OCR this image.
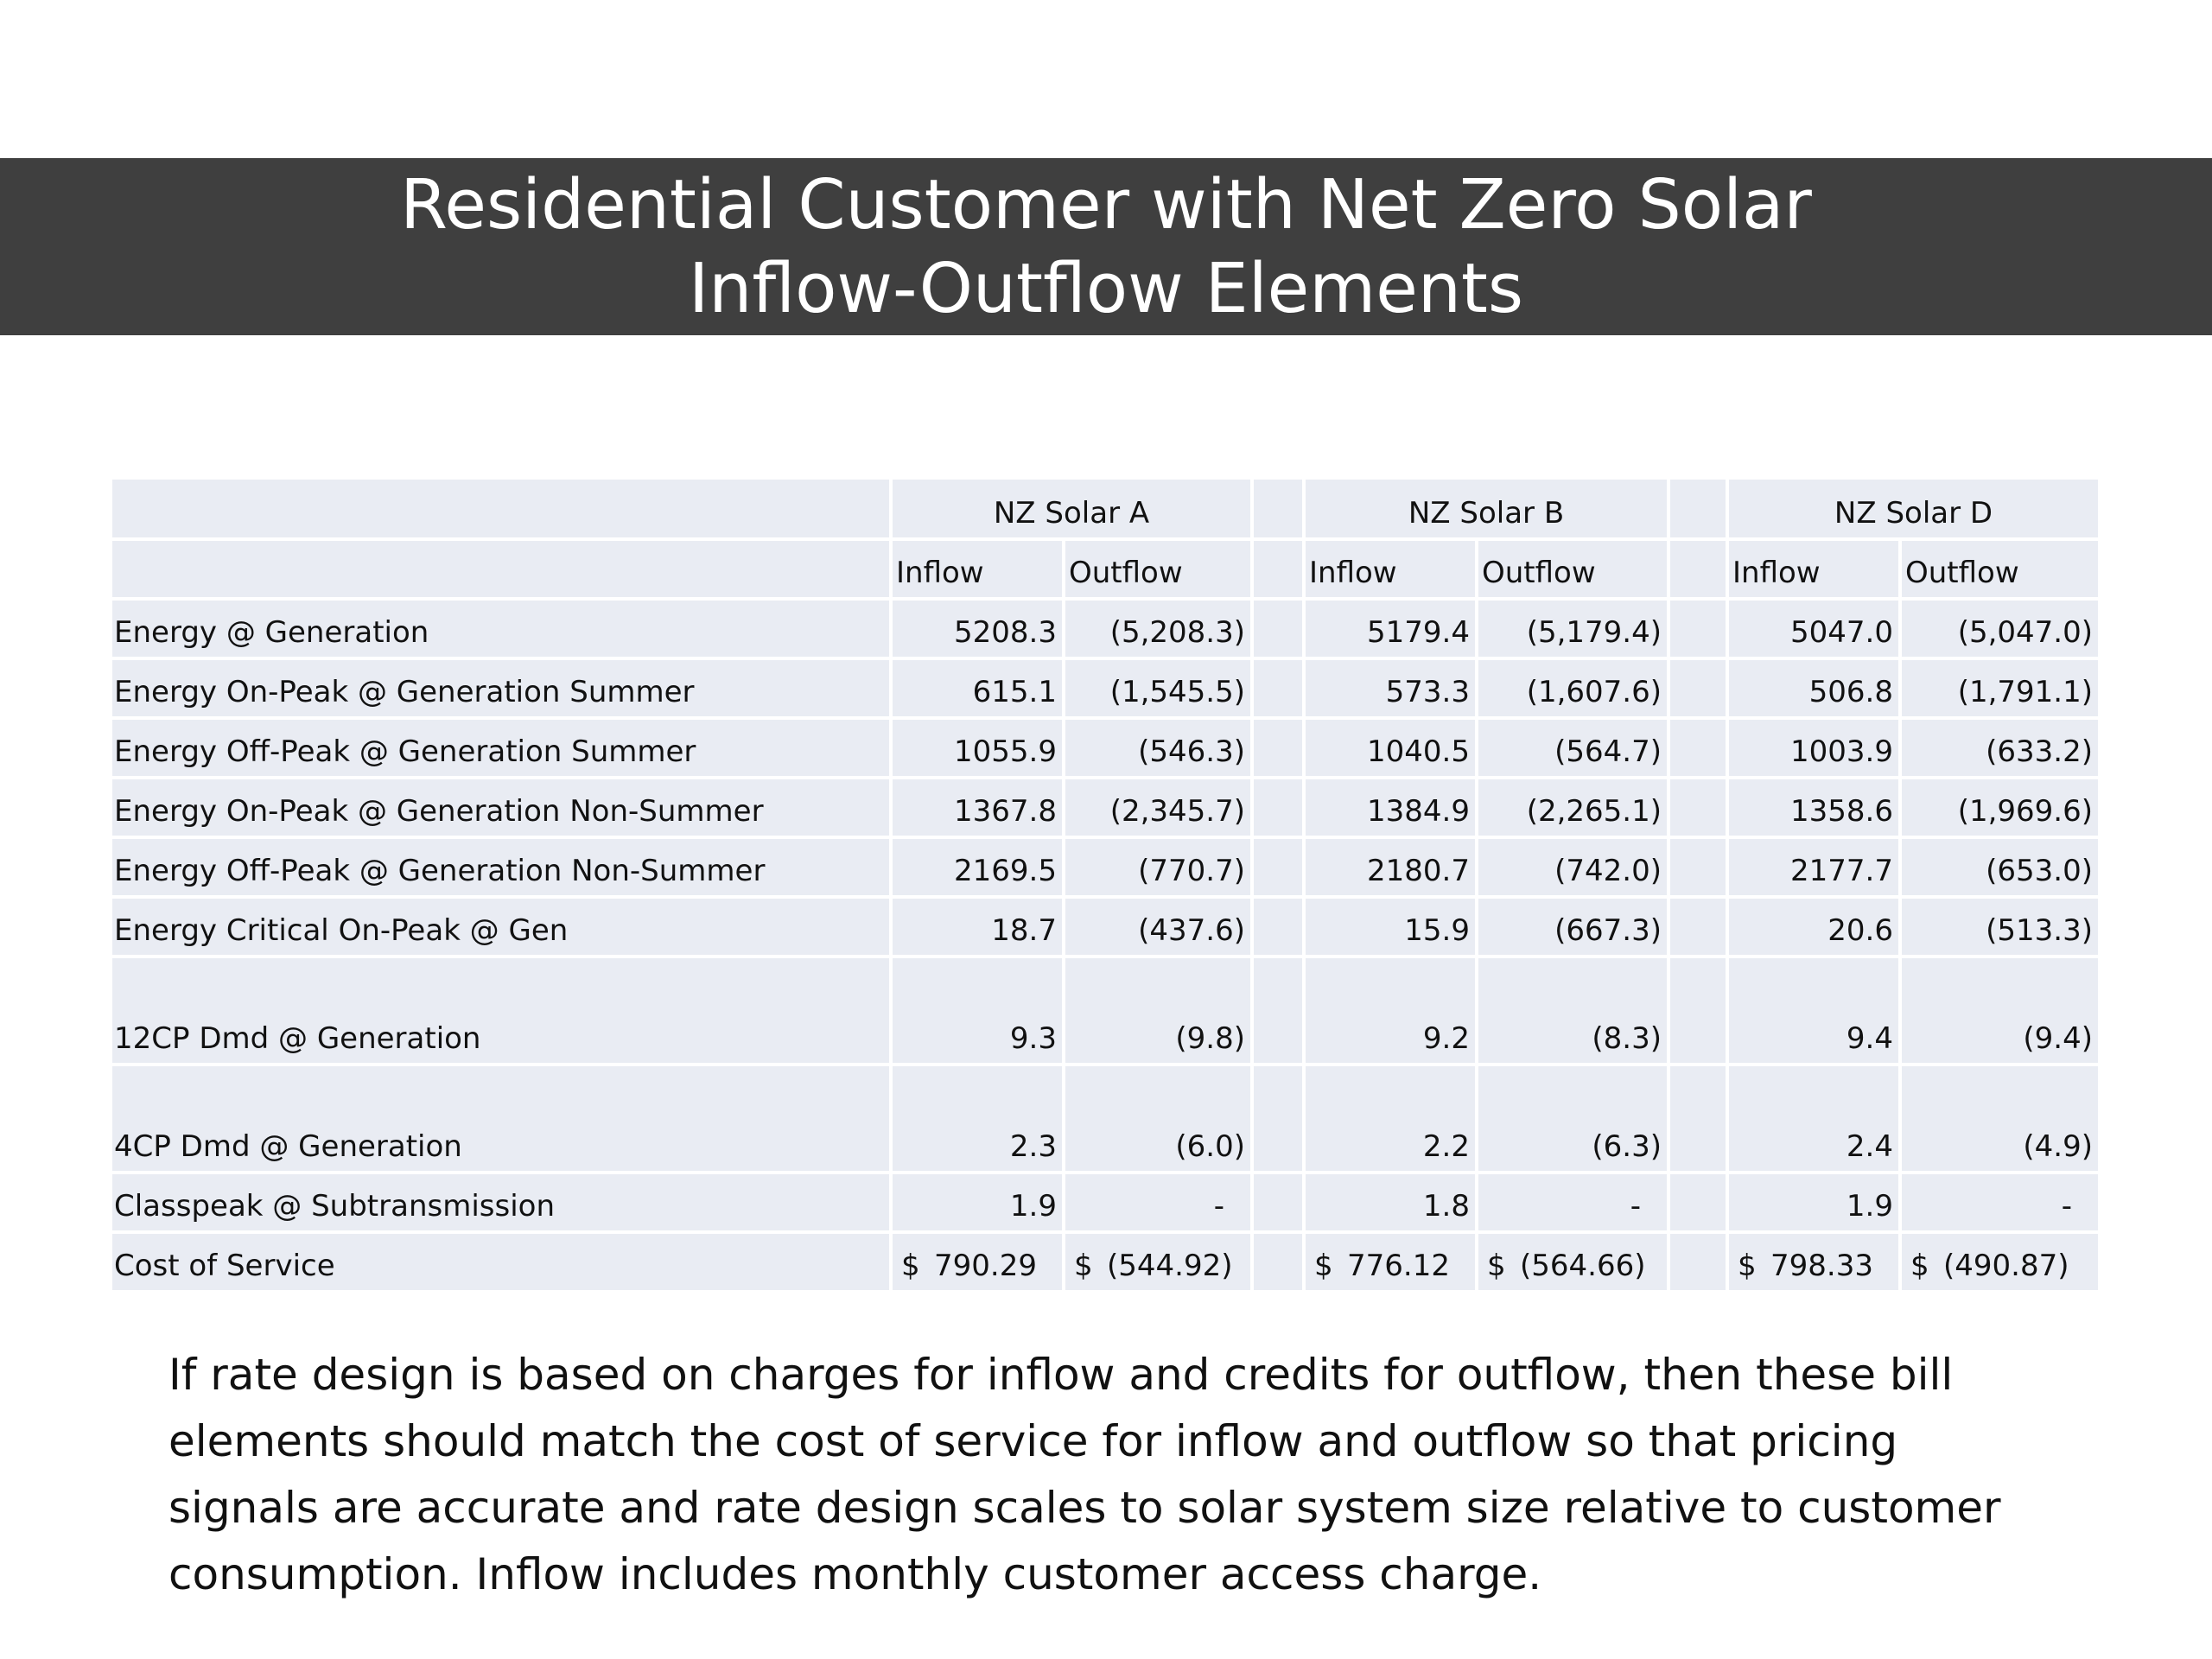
Residential Customer with Net Zero Solar
Inflow-Outflow Elements
	NZ Solar A			NZ Solar B			NZ Solar D	
	Inflow	Outflow		Inflow	Outflow		Inflow	Outflow
Energy @ Generation	5208.3	(5,208.3)		5179.4	(5,179.4)		5047.0	(5,047.0)
Energy On-Peak @ Generation Summer	615.1	(1,545.5)		573.3	(1,607.6)		506.8	(1,791.1)
Energy Off-Peak @ Generation Summer	1055.9	(546.3)		1040.5	(564.7)		1003.9	(633.2)
Energy On-Peak @ Generation Non-Summer	1367.8	(2,345.7)		1384.9	(2,265.1)		1358.6	(1,969.6)
Energy Off-Peak @ Generation Non-Summer	2169.5	(770.7)		2180.7	(742.0)		2177.7	(653.0)
Energy Critical On-Peak @ Gen	18.7	(437.6)		15.9	(667.3)		20.6	(513.3)
12CP Dmd @ Generation	9.3	(9.8)		9.2	(8.3)		9.4	(9.4)
4CP Dmd @ Generation	2.3	(6.0)		2.2	(6.3)		2.4	(4.9)
Classpeak @ Subtransmission	1.9	-		1.8	-		1.9	-
Cost of Service	$ 790.29	$ (544.92)		$ 776.12	$ (564.66)		$ 798.33	$ (490.87)
If rate design is based on charges for inflow and credits for outflow, then these bill elements should match the cost of service for inflow and outflow so that pricing signals are accurate and rate design scales to solar system size relative to customer consumption. Inflow includes monthly customer access charge.
